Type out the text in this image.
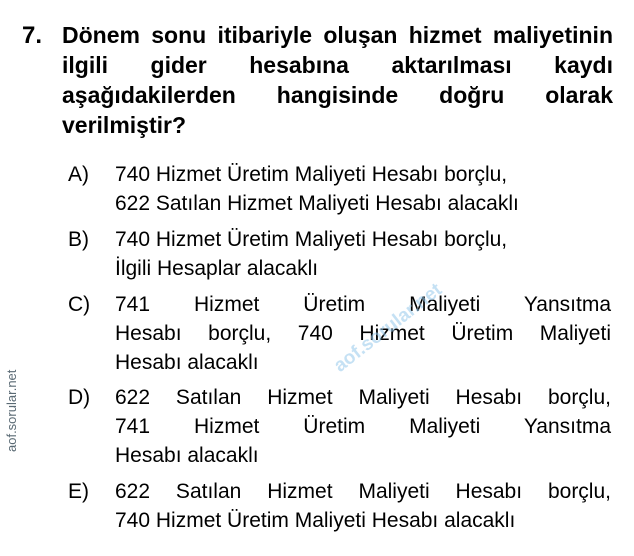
7. Dönem sonu itibariyle oluşan hizmet maliyetinin ilgili gider hesabına aktarılması kaydı aşağıdakilerden hangisinde doğru olarak verilmiştir?
A) 740 Hizmet Üretim Maliyeti Hesabı borçlu,
622 Satılan Hizmet Maliyeti Hesabı alacaklı
B) 740 Hizmet Üretim Maliyeti Hesabı borçlu,
İlgili Hesaplar alacaklı
C) 741 Hizmet Üretim Maliyeti Yansıtma
Hesabı borçlu, 740 Hizmet Üretim Maliyeti
Hesabı alacaklı
D) 622 Satılan Hizmet Maliyeti Hesabı borçlu,
741 Hizmet Üretim Maliyeti Yansıtma
Hesabı alacaklı
E) 622 Satılan Hizmet Maliyeti Hesabı borçlu,
740 Hizmet Üretim Maliyeti Hesabı alacaklı
aof.sorular.net
aof.sorular.net
